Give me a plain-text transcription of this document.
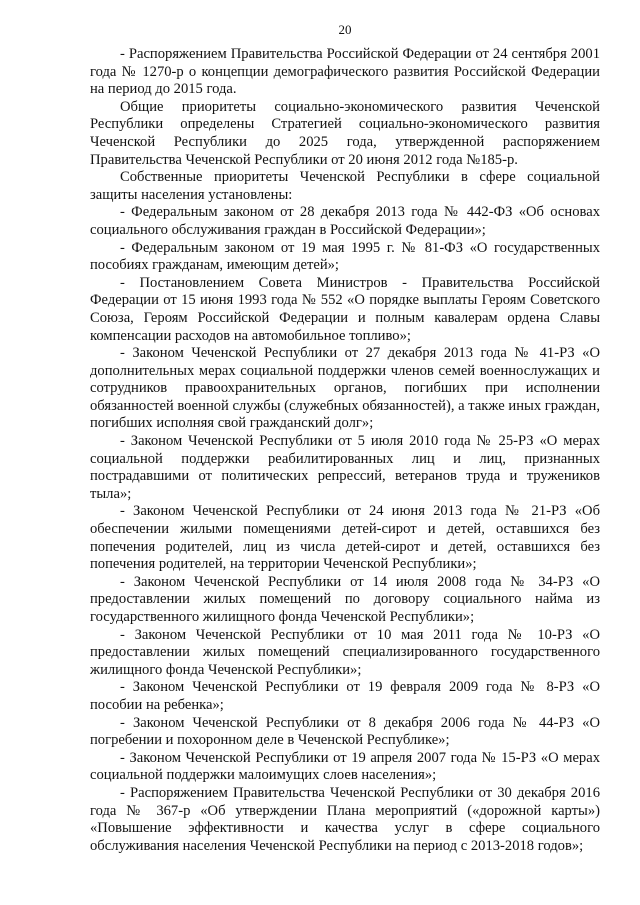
20

- Распоряжением Правительства Российской Федерации от 24 сентября 2001 года № 1270-р о концепции демографического развития Российской Федерации на период до 2015 года.

Общие приоритеты социально-экономического развития Чеченской Республики определены Стратегией социально-экономического развития Чеченской Республики до 2025 года, утвержденной распоряжением Правительства Чеченской Республики от 20 июня 2012 года №185-р.

Собственные приоритеты Чеченской Республики в сфере социальной защиты населения установлены:

- Федеральным законом от 28 декабря 2013 года № 442-ФЗ «Об основах социального обслуживания граждан в Российской Федерации»;

- Федеральным законом от 19 мая 1995 г. № 81-ФЗ «О государственных пособиях гражданам, имеющим детей»;

- Постановлением Совета Министров - Правительства Российской Федерации от 15 июня 1993 года № 552 «О порядке выплаты Героям Советского Союза, Героям Российской Федерации и полным кавалерам ордена Славы компенсации расходов на автомобильное топливо»;

- Законом Чеченской Республики от 27 декабря 2013 года № 41-РЗ «О дополнительных мерах социальной поддержки членов семей военнослужащих и сотрудников правоохранительных органов, погибших при исполнении обязанностей военной службы (служебных обязанностей), а также иных граждан, погибших исполняя свой гражданский долг»;

- Законом Чеченской Республики от 5 июля 2010 года № 25-РЗ «О мерах социальной поддержки реабилитированных лиц и лиц, признанных пострадавшими от политических репрессий, ветеранов труда и тружеников тыла»;

- Законом Чеченской Республики от 24 июня 2013 года № 21-РЗ «Об обеспечении жилыми помещениями детей-сирот и детей, оставшихся без попечения родителей, лиц из числа детей-сирот и детей, оставшихся без попечения родителей, на территории Чеченской Республики»;

- Законом Чеченской Республики от 14 июля 2008 года № 34-РЗ «О предоставлении жилых помещений по договору социального найма из государственного жилищного фонда Чеченской Республики»;

- Законом Чеченской Республики от 10 мая 2011 года № 10-РЗ «О предоставлении жилых помещений специализированного государственного жилищного фонда Чеченской Республики»;

- Законом Чеченской Республики от 19 февраля 2009 года № 8-РЗ «О пособии на ребенка»;

- Законом Чеченской Республики от 8 декабря 2006 года № 44-РЗ «О погребении и похоронном деле в Чеченской Республике»;

- Законом Чеченской Республики от 19 апреля 2007 года № 15-РЗ «О мерах социальной поддержки малоимущих слоев населения»;

- Распоряжением Правительства Чеченской Республики от 30 декабря 2016 года № 367-р «Об утверждении Плана мероприятий («дорожной карты») «Повышение эффективности и качества услуг в сфере социального обслуживания населения Чеченской Республики на период с 2013-2018 годов»;
